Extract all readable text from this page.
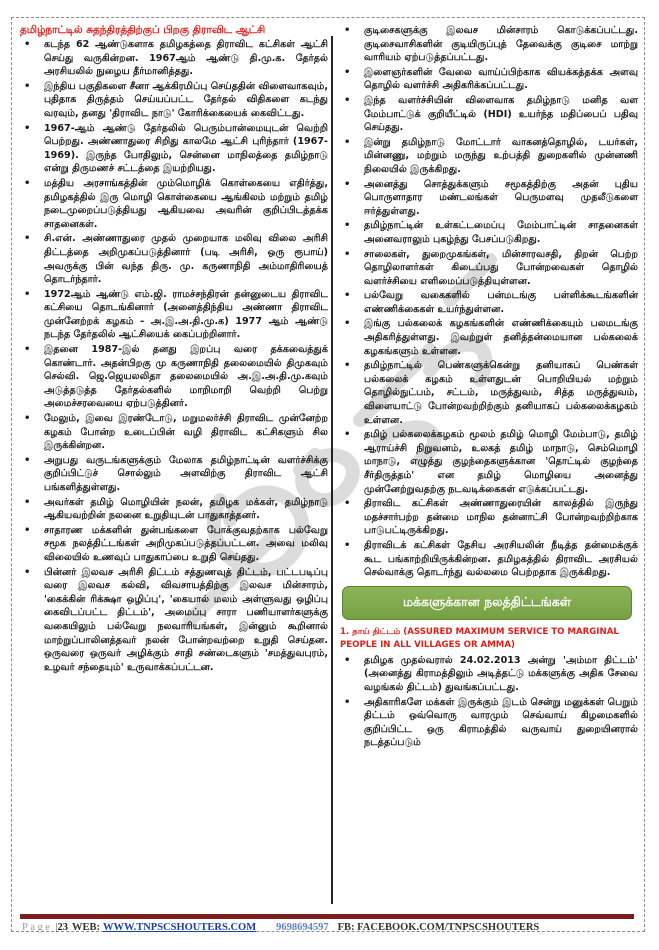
தமிழ்நாட்டில் சுதந்திரத்திற்குப் பிறகு திராவிட ஆட்சி
• கடந்த 62 ஆண்டுகளாக தமிழகத்தை திராவிட கட்சிகள் ஆட்சி செய்து வருகின்றன. 1967ஆம் ஆண்டு தி.மு.க. தேர்தல் அரசியலில் நுழைய தீர்மானித்தது.
• இந்திய பகுதிகளை சீனா ஆக்கிரமிப்பு செய்ததின் விளைவாகவும், புதிதாக திருத்தம் செய்யப்பட்ட தேர்தல் விதிகளை கடந்து வரவும், தனது 'திராவிட நாடு' கோரிக்கையைக் கைவிட்டது.
• 1967-ஆம் ஆண்டு தேர்தலில் பெரும்பான்மையுடன் வெற்றி பெற்றது. அண்ணாதுரை சிறிது காலமே ஆட்சி புரிந்தார் (1967-1969). இருந்த போதிலும், சென்னை மாநிலத்தை தமிழ்நாடு என்று திருமணச் சட்டத்தை இயற்றியது.
• மத்திய அரசாங்கத்தின் மும்மொழிக் கொள்கையை எதிர்த்து, தமிழகத்தில் இரு மொழி கொள்கையை ஆங்கிலம் மற்றும் தமிழ் நடைமுறைப்படுத்தியது ஆகியவை அவரின் குறிப்பிடத்தக்க சாதனைகள்.
• சி.என். அண்ணாதுரை முதல் முறையாக மலிவு விலை அரிசி திட்டத்தை அறிமுகப்படுத்தினார் (படி அரிசி, ஒரு ரூபாய்) அவருக்கு பின் வந்த திரு. மு. கருணாநிதி அம்மாதிரியைத் தொடர்ந்தார்.
• 1972ஆம் ஆண்டு எம்.ஜி. ராமச்சந்திரன் தன்னுடைய திராவிட கட்சியை தொடங்கினார் (அனைத்திந்திய அண்ணா திராவிட முன்னேற்றக் கழகம் - அ.இ.அ.தி.மு.க) 1977 ஆம் ஆண்டு நடந்த தேர்தலில் ஆட்சியைக் கைப்பற்றினார்.
• இதனை 1987-இல் தனது இறப்பு வரை தக்கவைத்துக் கொண்டார். அதன்பிறகு மு கருணாநிதி தலைமையில் திமுகவும் செல்வி. ஜெ.ஜெயலலிதா தலைமையில் அ.இ.அ.தி.மு.கவும் அடுத்தடுத்த தேர்தல்களில் மாறிமாறி வெற்றி பெற்று அமைச்சரவையை ஏற்படுத்தினர்.
• மேலும், இவை இரண்டோடு, மறுமலர்ச்சி திராவிட முன்னேற்ற கழகம் போன்ற உடைப்பின் வழி திராவிட கட்சிகளும் சில இருக்கின்றன.
• அறுபது வருடங்களுக்கும் மேலாக தமிழ்நாட்டின் வளர்ச்சிக்கு குறிப்பிட்டுச் சொல்லும் அளவிற்கு திராவிட ஆட்சி பங்களித்துள்ளது.
• அவர்கள் தமிழ் மொழியின் நலன், தமிழக மக்கள், தமிழ்நாடு ஆகியவற்றின் நலனை உறுதியுடன் பாதுகாத்தனர்.
• சாதாரண மக்களின் துன்பங்களை போக்குவதற்காக பல்வேறு சமூக நலத்திட்டங்கள் அறிமுகப்படுத்தப்பட்டன. அவை மலிவு விலையில் உணவுப் பாதுகாப்பை உறுதி செய்தது.
• பின்னர் இலவச அரிசி திட்டம் சத்துணவுத் திட்டம், பட்டபடிப்பு வரை இலவச கல்வி, விவசாயத்திற்கு இலவச மின்சாரம், 'கைக்கின் ரிக்க்ஷா ஒழிப்பு', 'கையால் மலம் அள்ளுவது ஒழிப்பு கைவிடப்பட்ட திட்டம்', அமைப்பு சாரா பணியாளர்களுக்கு வகையிலும் பல்வேறு நலவாரியங்கள், இன்னும் கூறினால் மாற்றுப்பாலினத்தவர் நலன் போன்றவற்றை உறுதி செய்தன. ஒருவரை ஒருவர் அழிக்கும் சாதி சண்டைகளும் 'சமத்துவபுரம், உழவர் சந்தையும்' உருவாக்கப்பட்டன.
• குடிசைகளுக்கு இலவச மின்சாரம் கொடுக்கப்பட்டது. குடிசைவாசிகளின் குடியிருப்புத் தேவைக்கு குடிசை மாற்று வாரியம் ஏற்படுத்தப்பட்டது.
• இளைஞர்களின் வேலை வாய்ப்பிற்காக வியக்கத்தக்க அளவு தொழில் வளர்ச்சி அதிகரிக்கப்பட்டது.
• இந்த வளர்ச்சியின் விளைவாக தமிழ்நாடு மனித வள மேம்பாட்டுக் குறியீட்டில் (HDI) உயர்ந்த மதிப்பைப் பதிவு செய்தது.
• இன்று தமிழ்நாடு மோட்டார் வாகனத்தொழில், டயர்கள், மின்னணு, மற்றும் மருந்து உற்பத்தி துறைகளில் முன்னணி நிலையில் இருக்கிறது.
• அனைத்து சொத்துக்களும் சமூகத்திற்கு அதன் புதிய பொருளாதார மண்டலங்கள் பெருமளவு முதலீடுகளை ஈர்த்துள்ளது.
• தமிழ்நாட்டின் உள்கட்டமைப்பு மேம்பாட்டின் சாதனைகள் அனைவராலும் புகழ்ந்து பேசப்படுகிறது.
• சாலைகள், துறைமுகங்கள், மின்சாரவசதி, திறன் பெற்ற தொழிலாளர்கள் கிடைப்பது போன்றவைகள் தொழில் வளர்ச்சியை எளிமைப்படுத்தியுள்ளன.
• பல்வேறு வகைகளில் பன்மடங்கு பள்ளிக்கூடங்களின் எண்ணிக்கைகள் உயர்ந்துள்ளன.
• இங்கு பல்கலைக் கழகங்களின் எண்ணிக்கையும் பலமடங்கு அதிகரித்துள்ளது. இவற்றுள் தனித்தன்மையான பல்கலைக் கழகங்களும் உள்ளன.
• தமிழ்நாட்டில் பெண்களுக்கென்று தனியாகப் பெண்கள் பல்கலைக் கழகம் உள்ளதுடன் பொறியியல் மற்றும் தொழில்நுட்பம், சட்டம், மருத்துவம், சித்த மருத்துவம், விளையாட்டு போன்றவற்றிற்கும் தனியாகப் பல்கலைக்கழகம் உள்ளன.
• தமிழ் பல்கலைக்கழகம் மூலம் தமிழ் மொழி மேம்பாடு, தமிழ் ஆராய்ச்சி நிறுவனம், உலகத் தமிழ் மாநாடு, செம்மொழி மாநாடு, எழுத்து குழந்தைகளுக்கான 'தொட்டில் குழந்தை சீர்திருத்தம்' என தமிழ் மொழியை அனைத்து முன்னேற்றுவதற்கு நடவடிக்கைகள் எடுக்கப்பட்டது.
• திராவிட கட்சிகள் அண்ணாதுரையின் காலத்தில் இருந்து மதச்சார்பற்ற தன்மை மாநில தன்னாட்சி போன்றவற்றிற்காக பாடுபட்டிருக்கிறது.
• திராவிடக் கட்சிகள் தேசிய அரசியலின் நீடித்த தன்மைக்குக் கூட பங்காற்றியிருக்கின்றன. தமிழகத்தில் திராவிட அரசியல் செல்வாக்கு தொடர்ந்து வல்லமை பெற்றதாக இருக்கிறது.
மக்களுக்கான நலத்திட்டங்கள்
1. தாய் திட்டம் (ASSURED MAXIMUM SERVICE TO MARGINAL PEOPLE IN ALL VILLAGES OR AMMA)
• தமிழக முதல்வரால் 24.02.2013 அன்று 'அம்மா திட்டம்' (அனைத்து கிராமத்திலும் அடித்தட்டு மக்களுக்கு அதிக சேவை வழங்கல் திட்டம்) துவங்கப்பட்டது.
• அதிகாரிகளே மக்கள் இருக்கும் இடம் சென்று மனுக்கள் பெறும் திட்டம் ஒவ்வொரு வாரமும் செவ்வாய் கிழமைகளில் குறிப்பிட்ட ஒரு கிராமத்தில் வருவாய் துறையினரால் நடத்தப்படும்
Page | 23 WEB: WWW.TNPSCSHOUTERS.COM 9698694597 FB: FACEBOOK.COM/TNPSCSHOUTERS
